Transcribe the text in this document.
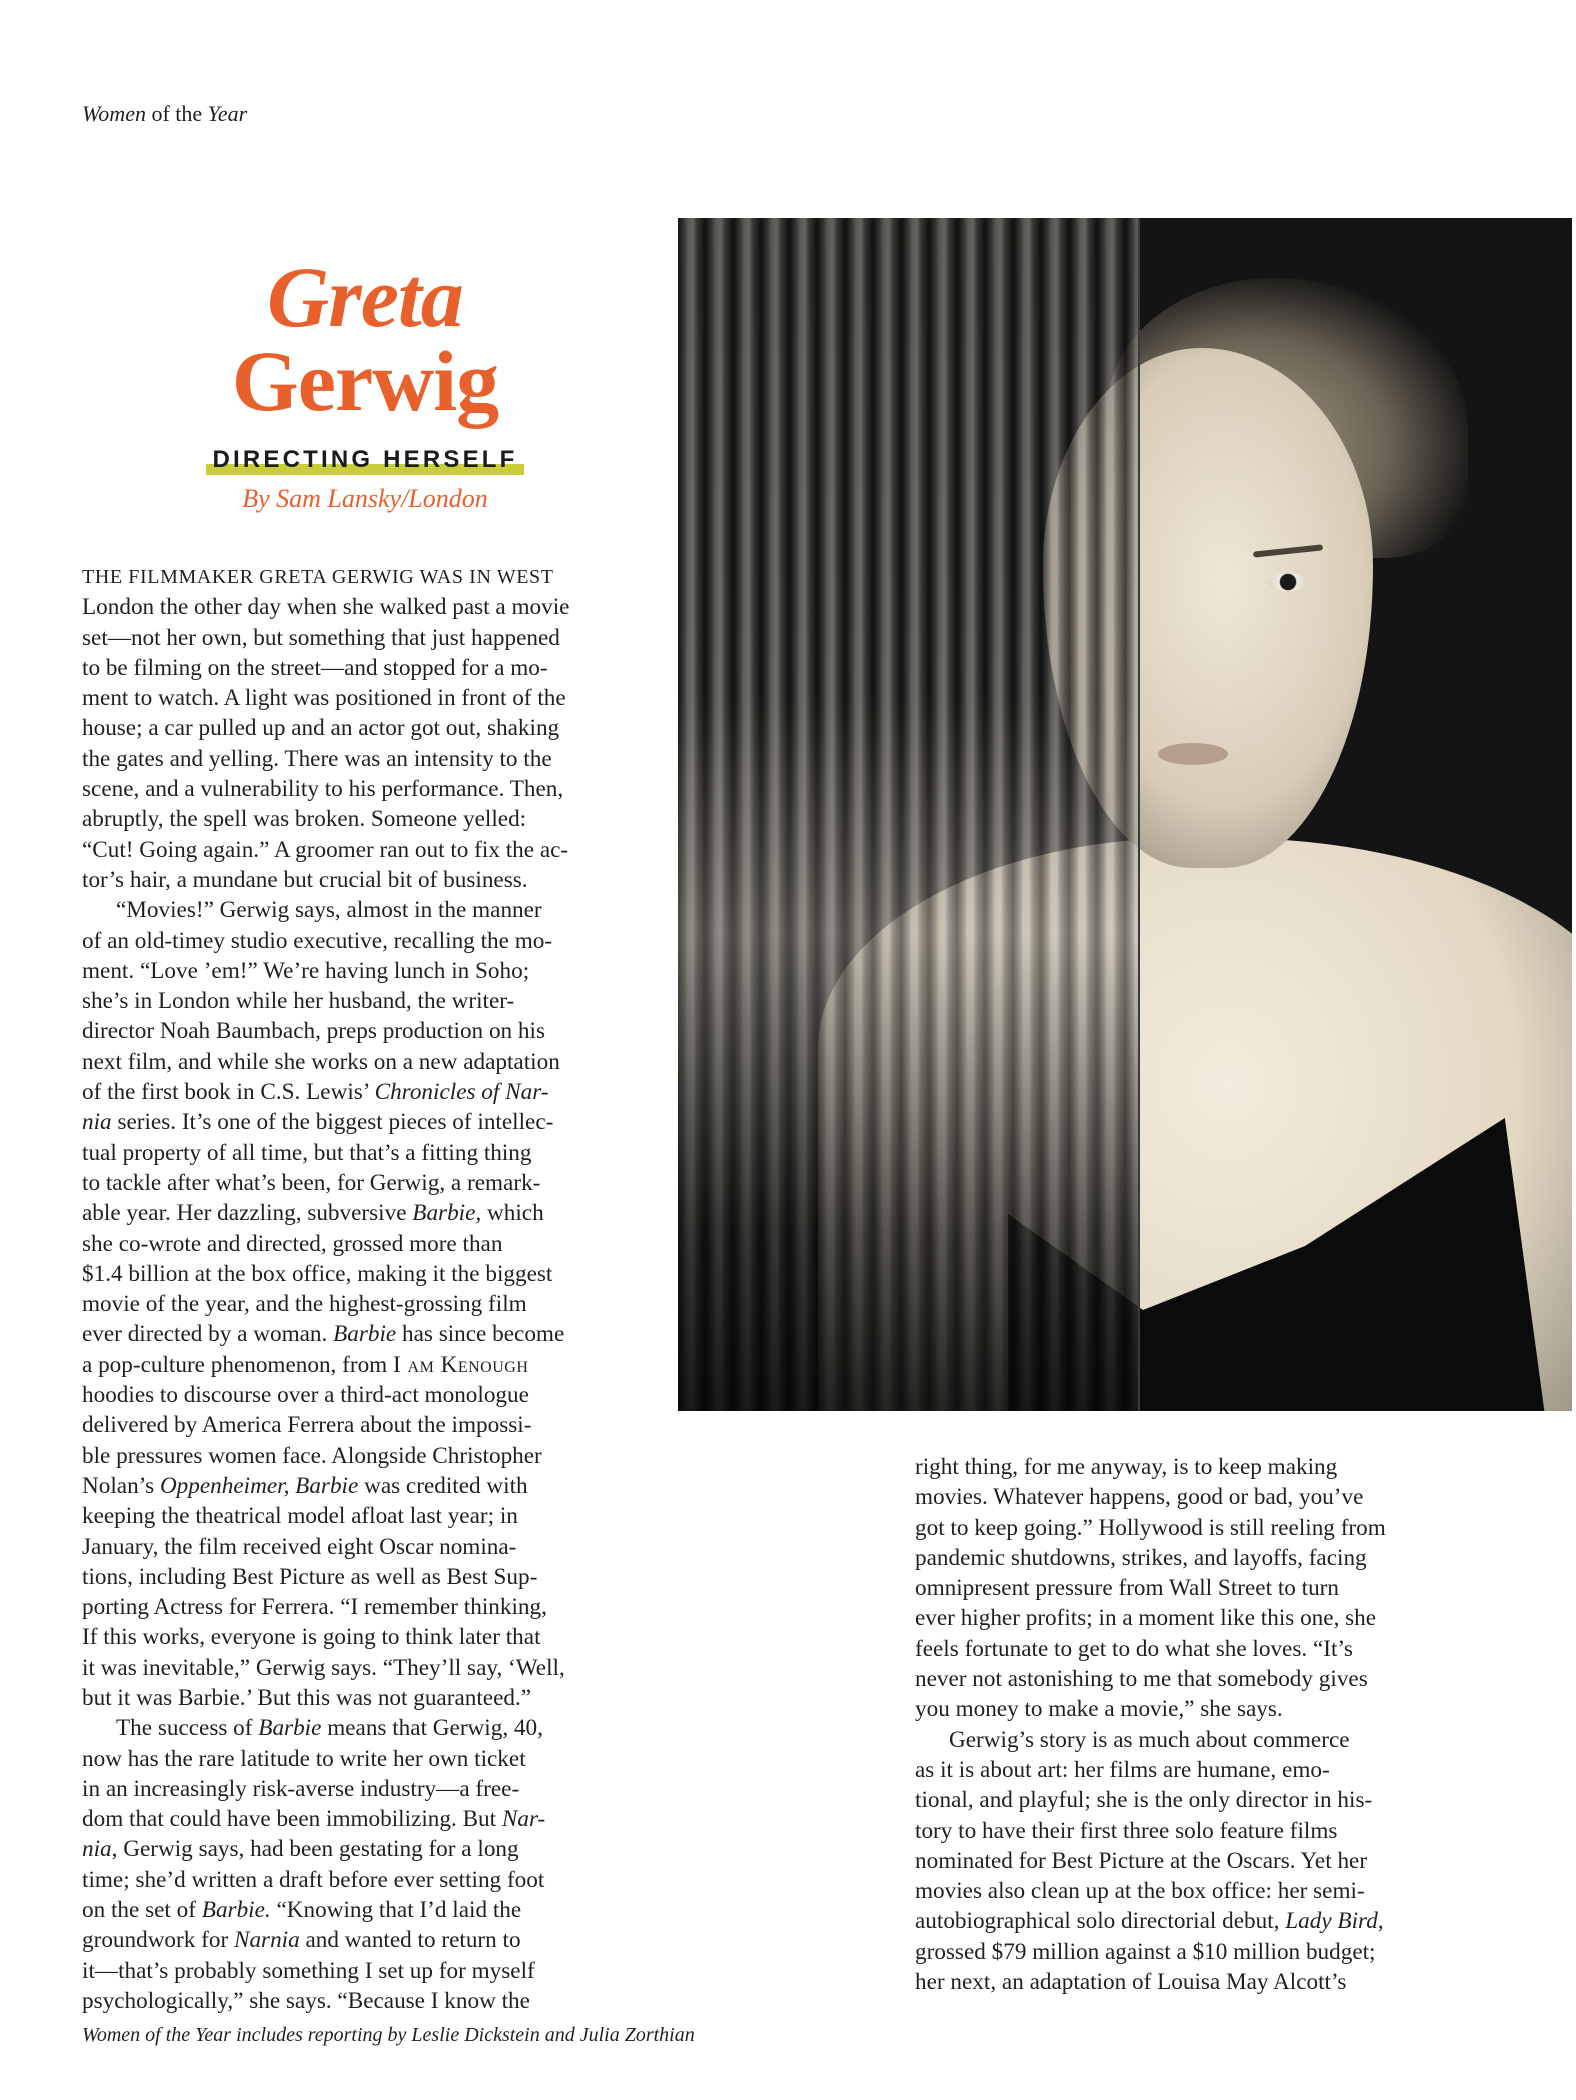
Women of the Year
Greta
Gerwig
DIRECTING HERSELF
By Sam Lansky/London
THE FILMMAKER GRETA GERWIG WAS IN WEST
London the other day when she walked past a movie
set—not her own, but something that just happened
to be filming on the street—and stopped for a mo-
ment to watch. A light was positioned in front of the
house; a car pulled up and an actor got out, shaking
the gates and yelling. There was an intensity to the
scene, and a vulnerability to his performance. Then,
abruptly, the spell was broken. Someone yelled:
“Cut! Going again.” A groomer ran out to fix the ac-
tor’s hair, a mundane but crucial bit of business.
“Movies!” Gerwig says, almost in the manner
of an old-timey studio executive, recalling the mo-
ment. “Love ’em!” We’re having lunch in Soho;
she’s in London while her husband, the writer-
director Noah Baumbach, preps production on his
next film, and while she works on a new adaptation
of the first book in C.S. Lewis’ Chronicles of Nar-
nia series. It’s one of the biggest pieces of intellec-
tual property of all time, but that’s a fitting thing
to tackle after what’s been, for Gerwig, a remark-
able year. Her dazzling, subversive Barbie, which
she co-wrote and directed, grossed more than
$1.4 billion at the box office, making it the biggest
movie of the year, and the highest-grossing film
ever directed by a woman. Barbie has since become
a pop-culture phenomenon, from I am Kenough
hoodies to discourse over a third-act monologue
delivered by America Ferrera about the impossi-
ble pressures women face. Alongside Christopher
Nolan’s Oppenheimer, Barbie was credited with
keeping the theatrical model afloat last year; in
January, the film received eight Oscar nomina-
tions, including Best Picture as well as Best Sup-
porting Actress for Ferrera. “I remember thinking,
If this works, everyone is going to think later that
it was inevitable,” Gerwig says. “They’ll say, ‘Well,
but it was Barbie.’ But this was not guaranteed.”
The success of Barbie means that Gerwig, 40,
now has the rare latitude to write her own ticket
in an increasingly risk-averse industry—a free-
dom that could have been immobilizing. But Nar-
nia, Gerwig says, had been gestating for a long
time; she’d written a draft before ever setting foot
on the set of Barbie. “Knowing that I’d laid the
groundwork for Narnia and wanted to return to
it—that’s probably something I set up for myself
psychologically,” she says. “Because I know the
right thing, for me anyway, is to keep making
movies. Whatever happens, good or bad, you’ve
got to keep going.” Hollywood is still reeling from
pandemic shutdowns, strikes, and layoffs, facing
omnipresent pressure from Wall Street to turn
ever higher profits; in a moment like this one, she
feels fortunate to get to do what she loves. “It’s
never not astonishing to me that somebody gives
you money to make a movie,” she says.
Gerwig’s story is as much about commerce
as it is about art: her films are humane, emo-
tional, and playful; she is the only director in his-
tory to have their first three solo feature films
nominated for Best Picture at the Oscars. Yet her
movies also clean up at the box office: her semi-
autobiographical solo directorial debut, Lady Bird,
grossed $79 million against a $10 million budget;
her next, an adaptation of Louisa May Alcott’s
Women of the Year includes reporting by Leslie Dickstein and Julia Zorthian
